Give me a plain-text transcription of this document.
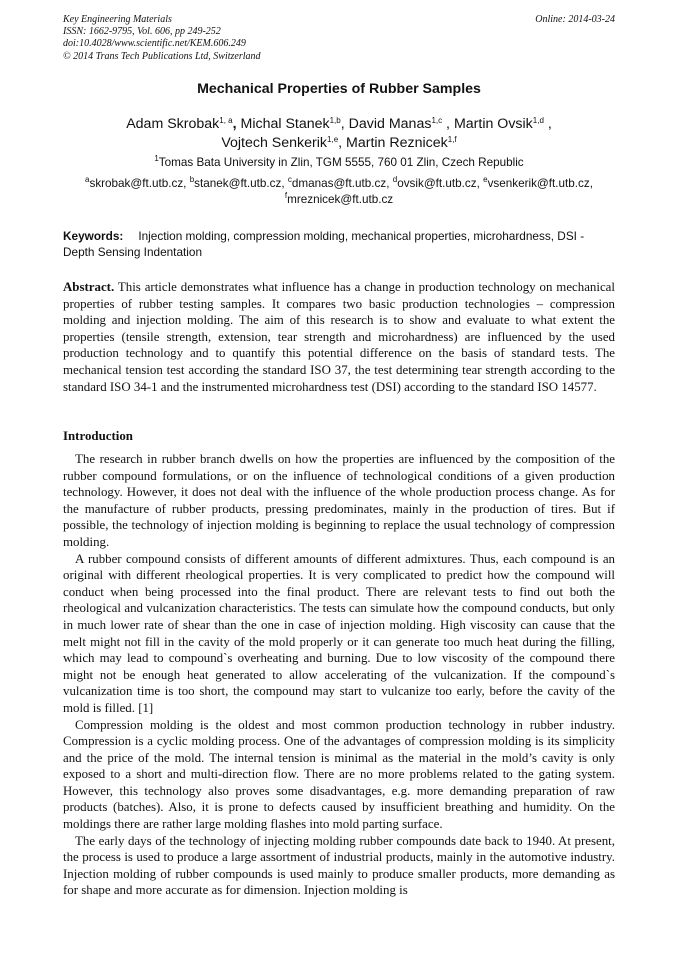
Key Engineering Materials
ISSN: 1662-9795, Vol. 606, pp 249-252
doi:10.4028/www.scientific.net/KEM.606.249
© 2014 Trans Tech Publications Ltd, Switzerland
Online: 2014-03-24
Mechanical Properties of Rubber Samples
Adam Skrobak$^{1, a}$, Michal Stanek$^{1,b}$, David Manas$^{1,c}$ , Martin Ovsik$^{1,d}$ ,
Vojtech Senkerik$^{1,e}$, Martin Reznicek$^{1,f}$
$^1$Tomas Bata University in Zlin, TGM 5555, 760 01 Zlin, Czech Republic
$^a$skrobak@ft.utb.cz, $^b$stanek@ft.utb.cz, $^c$dmanas@ft.utb.cz, $^d$ovsik@ft.utb.cz, $^e$vsenkerik@ft.utb.cz,
$^f$mreznicek@ft.utb.cz
Keywords: Injection molding, compression molding, mechanical properties, microhardness, DSI - Depth Sensing Indentation
Abstract. This article demonstrates what influence has a change in production technology on mechanical properties of rubber testing samples. It compares two basic production technologies – compression molding and injection molding. The aim of this research is to show and evaluate to what extent the properties (tensile strength, extension, tear strength and microhardness) are influenced by the used production technology and to quantify this potential difference on the basis of standard tests. The mechanical tension test according the standard ISO 37, the test determining tear strength according to the standard ISO 34-1 and the instrumented microhardness test (DSI) according to the standard ISO 14577.
Introduction

The research in rubber branch dwells on how the properties are influenced by the composition of the rubber compound formulations, or on the influence of technological conditions of a given production technology. However, it does not deal with the influence of the whole production process change. As for the manufacture of rubber products, pressing predominates, mainly in the production of tires. But if possible, the technology of injection molding is beginning to replace the usual technology of compression molding.

A rubber compound consists of different amounts of different admixtures. Thus, each compound is an original with different rheological properties. It is very complicated to predict how the compound will conduct when being processed into the final product. There are relevant tests to find out both the rheological and vulcanization characteristics. The tests can simulate how the compound conducts, but only in much lower rate of shear than the one in case of injection molding. High viscosity can cause that the melt might not fill in the cavity of the mold properly or it can generate too much heat during the filling, which may lead to compound`s overheating and burning. Due to low viscosity of the compound there might not be enough heat generated to allow accelerating of the vulcanization. If the compound`s vulcanization time is too short, the compound may start to vulcanize too early, before the cavity of the mold is filled. [1]

Compression molding is the oldest and most common production technology in rubber industry. Compression is a cyclic molding process. One of the advantages of compression molding is its simplicity and the price of the mold. The internal tension is minimal as the material in the mold’s cavity is only exposed to a short and multi-direction flow. There are no more problems related to the gating system. However, this technology also proves some disadvantages, e.g. more demanding preparation of raw products (batches). Also, it is prone to defects caused by insufficient breathing and humidity. On the moldings there are rather large molding flashes into mold parting surface.

The early days of the technology of injecting molding rubber compounds date back to 1940. At present, the process is used to produce a large assortment of industrial products, mainly in the automotive industry. Injection molding of rubber compounds is used mainly to produce smaller products, more demanding as for shape and more accurate as for dimension. Injection molding is
